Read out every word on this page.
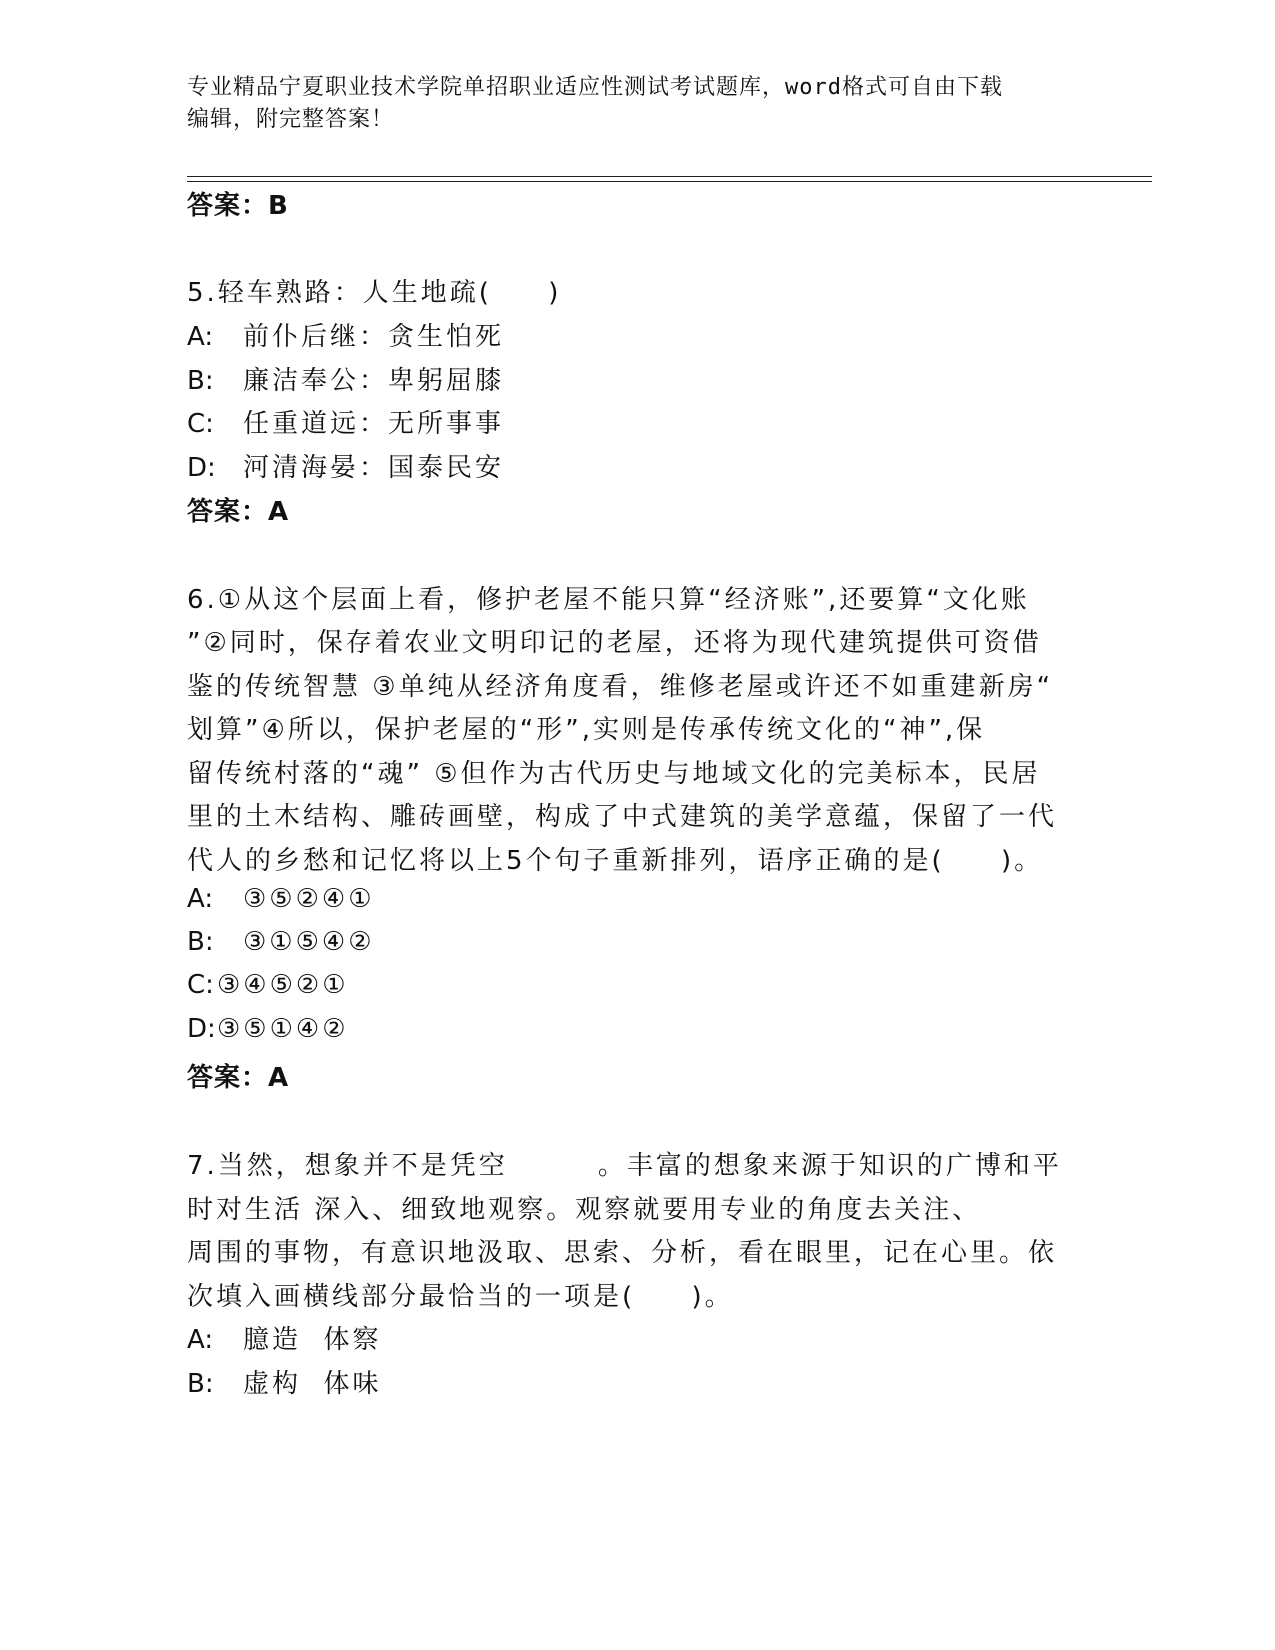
专业精品宁夏职业技术学院单招职业适应性测试考试题库，word格式可自由下载
编辑，附完整答案！
答案：B
5.轻车熟路：人生地疏(     )
A: 前仆后继：贪生怕死
B: 廉洁奉公：卑躬屈膝
C: 任重道远：无所事事
D: 河清海晏：国泰民安
答案：A
6.①从这个层面上看，修护老屋不能只算“经济账”,还要算“文化账
”②同时，保存着农业文明印记的老屋，还将为现代建筑提供可资借
鉴的传统智慧 ③单纯从经济角度看，维修老屋或许还不如重建新房“
划算”④所以，保护老屋的“形”,实则是传承传统文化的“神”,保
留传统村落的“魂” ⑤但作为古代历史与地域文化的完美标本，民居
里的土木结构、雕砖画壁，构成了中式建筑的美学意蕴，保留了一代
代人的乡愁和记忆将以上5个句子重新排列，语序正确的是(     )。
A: ③⑤②④①
B: ③①⑤④②
C: ③④⑤②①
D:③⑤①④②
答案：A
7.当然，想象并不是凭空        。丰富的想象来源于知识的广博和平
时对生活 深入、细致地观察。观察就要用专业的角度去关注、
周围的事物，有意识地汲取、思索、分析，看在眼里，记在心里。依
次填入画横线部分最恰当的一项是(     )。
A: 臆造  体察
B: 虚构  体味
